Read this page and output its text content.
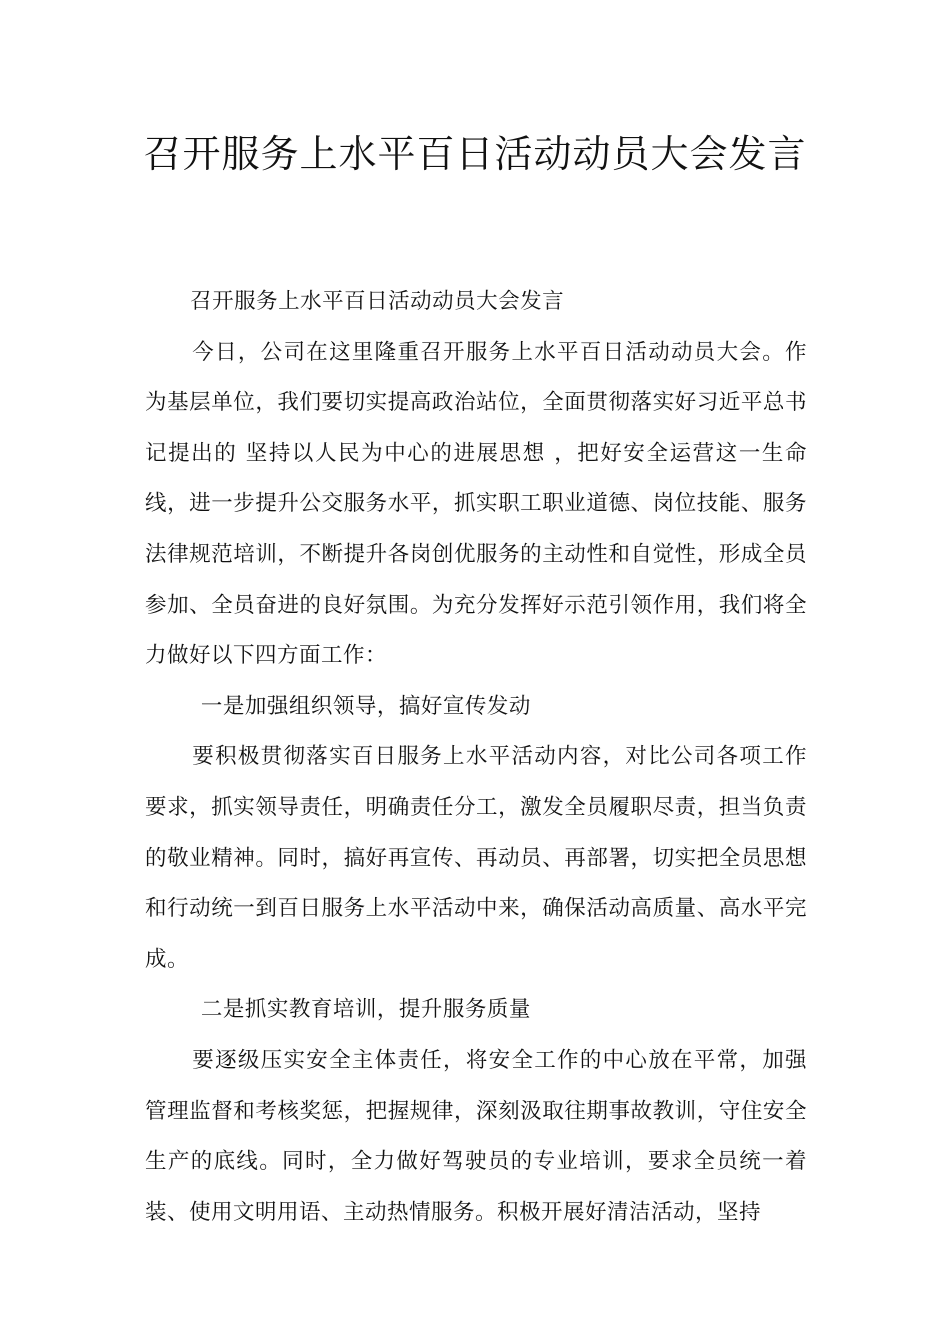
召开服务上水平百日活动动员大会发言

召开服务上水平百日活动动员大会发言

今日，公司在这里隆重召开服务上水平百日活动动员大会。作为基层单位，我们要切实提高政治站位，全面贯彻落实好习近平总书记提出的 坚持以人民为中心的进展思想 ，把好安全运营这一生命线，进一步提升公交服务水平，抓实职工职业道德、岗位技能、服务法律规范培训，不断提升各岗创优服务的主动性和自觉性，形成全员参加、全员奋进的良好氛围。为充分发挥好示范引领作用，我们将全力做好以下四方面工作：

一是加强组织领导，搞好宣传发动

要积极贯彻落实百日服务上水平活动内容，对比公司各项工作要求，抓实领导责任，明确责任分工，激发全员履职尽责，担当负责的敬业精神。同时，搞好再宣传、再动员、再部署，切实把全员思想和行动统一到百日服务上水平活动中来，确保活动高质量、高水平完成。

二是抓实教育培训，提升服务质量

要逐级压实安全主体责任，将安全工作的中心放在平常，加强管理监督和考核奖惩，把握规律，深刻汲取往期事故教训，守住安全生产的底线。同时，全力做好驾驶员的专业培训，要求全员统一着装、使用文明用语、主动热情服务。积极开展好清洁活动，坚持
